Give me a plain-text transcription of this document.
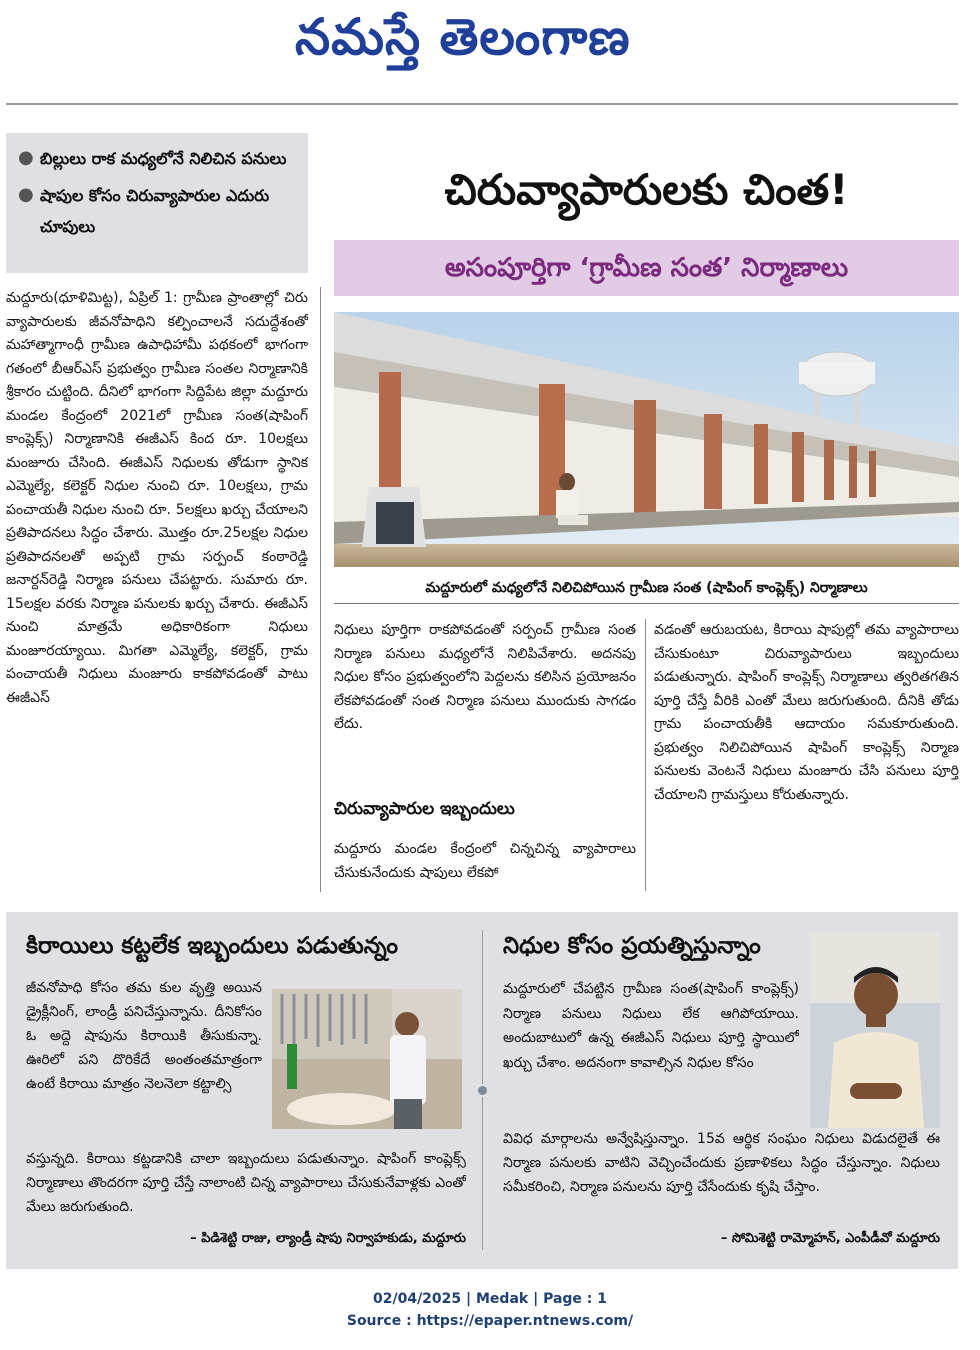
నమస్తే తెలంగాణ
● బిల్లులు రాక మధ్యలోనే నిలిచిన పనులు
● షాపుల కోసం చిరువ్యాపారుల ఎదురు చూపులు
చిరువ్యాపారులకు చింత!
అసంపూర్తిగా ‘గ్రామీణ సంత’ నిర్మాణాలు
మద్దూరులో మధ్యలోనే నిలిచిపోయిన గ్రామీణ సంత (షాపింగ్ కాంప్లెక్స్) నిర్మాణాలు
మద్దూరు(ధూళిమిట్ట), ఏప్రిల్ 1: గ్రామీణ ప్రాంతాల్లో చిరు వ్యాపారులకు జీవనోపాధిని కల్పించాలనే సదుద్దేశంతో మహాత్మాగాంధీ గ్రామీణ ఉపాధిహామీ పథకంలో భాగంగా గతంలో బీఆర్ఎస్ ప్రభుత్వం గ్రామీణ సంతల నిర్మాణానికి శ్రీకారం చుట్టింది. దీనిలో భాగంగా సిద్దిపేట జిల్లా మద్దూరు మండల కేంద్రంలో 2021లో గ్రామీణ సంత(షాపింగ్ కాంప్లెక్స్) నిర్మాణానికి ఈజీఎస్ కింద రూ. 10లక్షలు మంజూరు చేసింది. ఈజీఎస్ నిధులకు తోడుగా స్థానిక ఎమ్మెల్యే, కలెక్టర్ నిధుల నుంచి రూ. 10లక్షలు, గ్రామ పంచాయతీ నిధుల నుంచి రూ. 5లక్షలు ఖర్చు చేయాలని ప్రతిపాదనలు సిద్ధం చేశారు. మొత్తం రూ.25లక్షల నిధుల ప్రతిపాదనలతో అప్పటి గ్రామ సర్పంచ్ కంఠారెడ్డి జనార్దన్‌రెడ్డి నిర్మాణ పనులు చేపట్టారు. సుమారు రూ. 15లక్షల వరకు నిర్మాణ పనులకు ఖర్చు చేశారు. ఈజీఎస్ నుంచి మాత్రమే అధికారికంగా నిధులు మంజూరయ్యాయి. మిగతా ఎమ్మెల్యే, కలెక్టర్, గ్రామ పంచాయతీ నిధులు మంజూరు కాకపోవడంతో పాటు ఈజీఎస్
నిధులు పూర్తిగా రాకపోవడంతో సర్పంచ్ గ్రామీణ సంత నిర్మాణ పనులు మధ్యలోనే నిలిపివేశారు. అదనపు నిధుల కోసం ప్రభుత్వంలోని పెద్దలను కలిసిన ప్రయోజనం లేకపోవడంతో సంత నిర్మాణ పనులు ముందుకు సాగడం లేదు.
చిరువ్యాపారుల ఇబ్బందులు
మద్దూరు మండల కేంద్రంలో చిన్నచిన్న వ్యాపారాలు చేసుకునేందుకు షాపులు లేకపో
వడంతో ఆరుబయట, కిరాయి షాపుల్లో తమ వ్యాపారాలు చేసుకుంటూ చిరువ్యాపారులు ఇబ్బందులు పడుతున్నారు. షాపింగ్ కాంప్లెక్స్ నిర్మాణాలు త్వరితగతిన పూర్తి చేస్తే వీరికి ఎంతో మేలు జరుగుతుంది. దీనికి తోడు గ్రామ పంచాయతీకి ఆదాయం సమకూరుతుంది. ప్రభుత్వం నిలిచిపోయిన షాపింగ్ కాంప్లెక్స్ నిర్మాణ పనులకు వెంటనే నిధులు మంజూరు చేసి పనులు పూర్తి చేయాలని గ్రామస్తులు కోరుతున్నారు.
కిరాయిలు కట్టలేక ఇబ్బందులు పడుతున్నం
జీవనోపాధి కోసం తమ కుల వృత్తి అయిన డ్రైక్లీనింగ్, లాండ్రీ పనిచేస్తున్నాను. దీనికోసం ఓ అద్దె షాపును కిరాయికి తీసుకున్నా. ఊరిలో పని దొరికేదే అంతంతమాత్రంగా ఉంటే కిరాయి మాత్రం నెలనెలా కట్టాల్సి
వస్తున్నది. కిరాయి కట్టడానికి చాలా ఇబ్బందులు పడుతున్నాం. షాపింగ్ కాంప్లెక్స్ నిర్మాణాలు తొందరగా పూర్తి చేస్తే నాలాంటి చిన్న వ్యాపారాలు చేసుకునేవాళ్లకు ఎంతో మేలు జరుగుతుంది.
– పిడిశెట్టి రాజు, ల్యాండ్రీ షాపు నిర్వాహకుడు, మద్దూరు
నిధుల కోసం ప్రయత్నిస్తున్నాం
మద్దూరులో చేపట్టిన గ్రామీణ సంత(షాపింగ్ కాంప్లెక్స్) నిర్మాణ పనులు నిధులు లేక ఆగిపోయాయి. అందుబాటులో ఉన్న ఈజీఎస్ నిధులు పూర్తి స్థాయిలో ఖర్చు చేశాం. అదనంగా కావాల్సిన నిధుల కోసం
వివిధ మార్గాలను అన్వేషిస్తున్నాం. 15వ ఆర్థిక సంఘం నిధులు విడుదలైతే ఈ నిర్మాణ పనులకు వాటిని వెచ్చించేందుకు ప్రణాళికలు సిద్ధం చేస్తున్నాం. నిధులు సమీకరించి, నిర్మాణ పనులను పూర్తి చేసేందుకు కృషి చేస్తాం.
– సోమిశెట్టి రామ్మోహన్, ఎంపీడీవో మద్దూరు
02/04/2025 | Medak | Page : 1
Source : https://epaper.ntnews.com/
